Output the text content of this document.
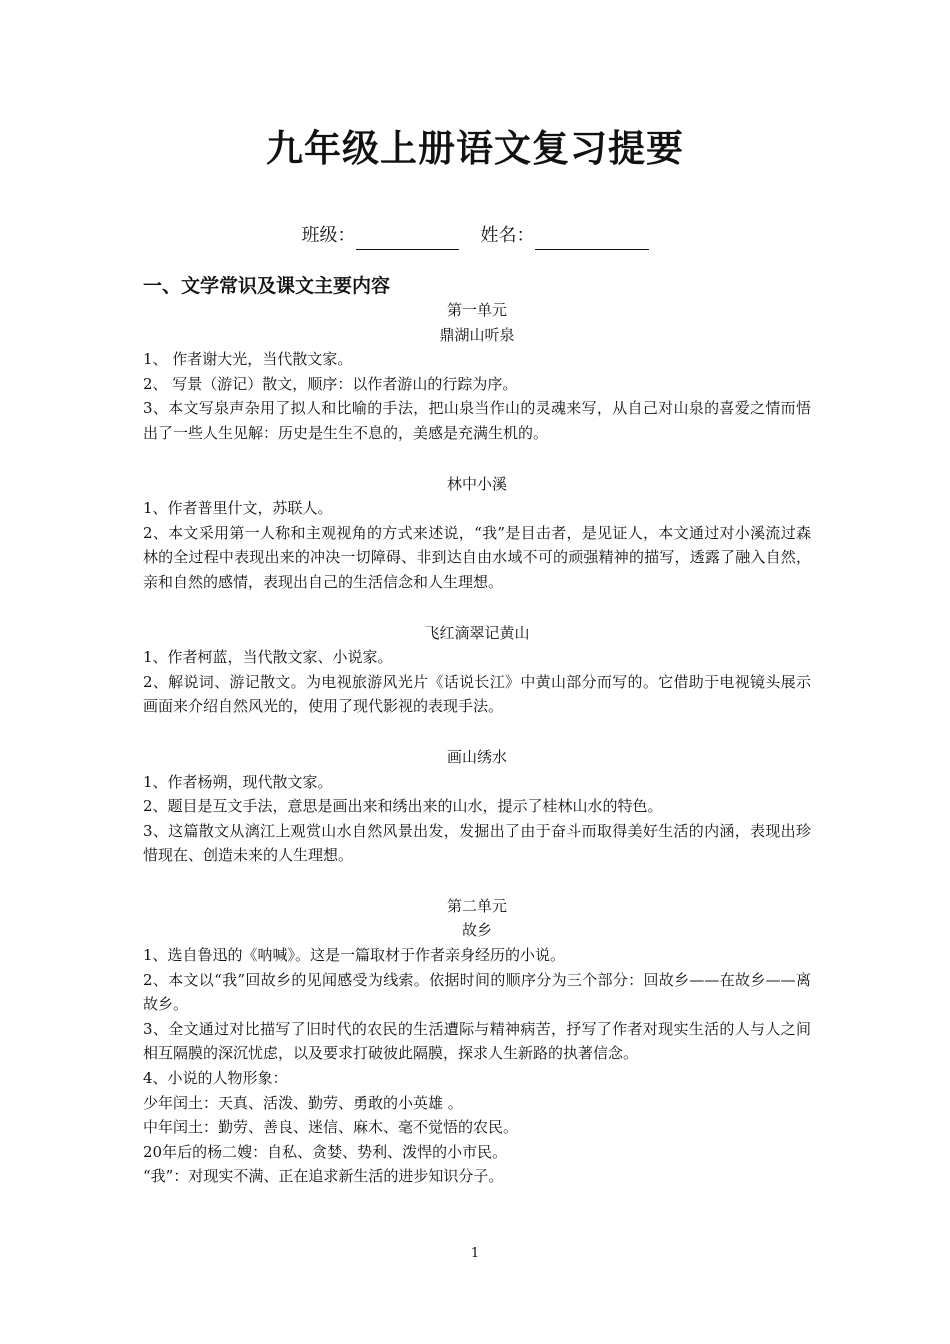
九年级上册语文复习提要
班级：	姓名：
一、文学常识及课文主要内容

第一单元

鼎湖山听泉

1、 作者谢大光，当代散文家。

2、 写景（游记）散文，顺序：以作者游山的行踪为序。

3、本文写泉声杂用了拟人和比喻的手法，把山泉当作山的灵魂来写，从自己对山泉的喜爱之情而悟出了一些人生见解：历史是生生不息的，美感是充满生机的。

林中小溪

1、作者普里什文，苏联人。

2、本文采用第一人称和主观视角的方式来述说，“我”是目击者，是见证人，本文通过对小溪流过森林的全过程中表现出来的冲决一切障碍、非到达自由水域不可的顽强精神的描写，透露了融入自然，亲和自然的感情，表现出自己的生活信念和人生理想。

飞红滴翠记黄山

1、作者柯蓝，当代散文家、小说家。

2、解说词、游记散文。为电视旅游风光片《话说长江》中黄山部分而写的。它借助于电视镜头展示画面来介绍自然风光的，使用了现代影视的表现手法。

画山绣水

1、作者杨朔，现代散文家。

2、题目是互文手法，意思是画出来和绣出来的山水，提示了桂林山水的特色。

3、这篇散文从漓江上观赏山水自然风景出发，发掘出了由于奋斗而取得美好生活的内涵，表现出珍惜现在、创造未来的人生理想。

第二单元

故乡

1、选自鲁迅的《呐喊》。这是一篇取材于作者亲身经历的小说。

2、本文以“我”回故乡的见闻感受为线索。依据时间的顺序分为三个部分：回故乡——在故乡——离故乡。

3、全文通过对比描写了旧时代的农民的生活遭际与精神病苦，抒写了作者对现实生活的人与人之间相互隔膜的深沉忧虑，以及要求打破彼此隔膜，探求人生新路的执著信念。

4、小说的人物形象：

少年闰土：天真、活泼、勤劳、勇敢的小英雄 。

中年闰土：勤劳、善良、迷信、麻木、毫不觉悟的农民。

20年后的杨二嫂：自私、贪婪、势利、泼悍的小市民。

“我”：对现实不满、正在追求新生活的进步知识分子。

1
